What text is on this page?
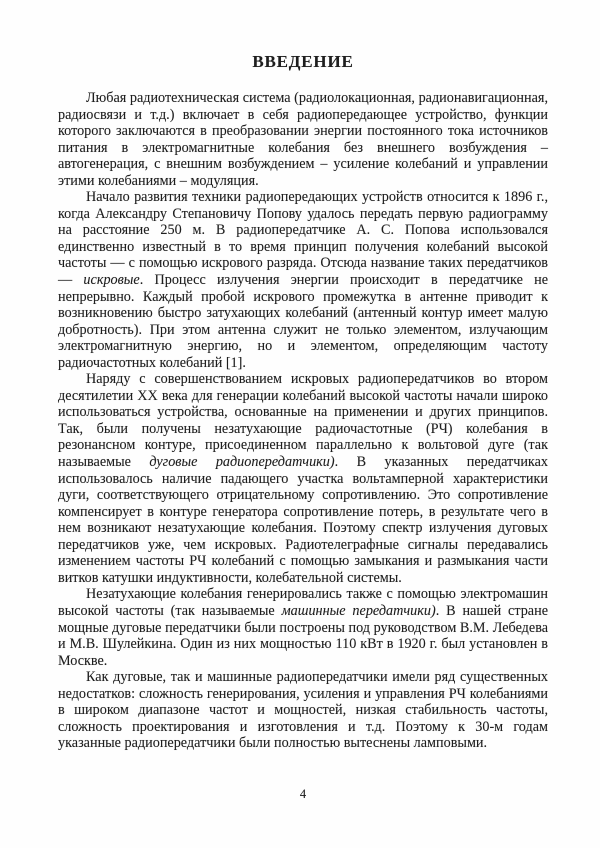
ВВЕДЕНИЕ

Любая радиотехническая система (радиолокационная, радионавигационная, радиосвязи и т.д.) включает в себя радиопередающее устройство, функции которого заключаются в преобразовании энергии постоянного тока источников питания в электромагнитные колебания без внешнего возбуждения – автогенерация, с внешним возбуждением – усиление колебаний и управлении этими колебаниями – модуляция.

Начало развития техники радиопередающих устройств относится к 1896 г., когда Александру Степановичу Попову удалось передать первую радиограмму на расстояние 250 м. В радиопередатчике А. С. Попова использовался единственно известный в то время принцип получения колебаний высокой частоты — с помощью искрового разряда. Отсюда название таких передатчиков — искровые. Процесс излучения энергии происходит в передатчике не непрерывно. Каждый пробой искрового промежутка в антенне приводит к возникновению быстро затухающих колебаний (антенный контур имеет малую добротность). При этом антенна служит не только элементом, излучающим электромагнитную энергию, но и элементом, определяющим частоту радиочастотных колебаний [1].

Наряду с совершенствованием искровых радиопередатчиков во втором десятилетии XX века для генерации колебаний высокой частоты начали широко использоваться устройства, основанные на применении и других принципов. Так, были получены незатухающие радиочастотные (РЧ) колебания в резонансном контуре, присоединенном параллельно к вольтовой дуге (так называемые дуговые радиопередатчики). В указанных передатчиках использовалось наличие падающего участка вольтамперной характеристики дуги, соответствующего отрицательному сопротивлению. Это сопротивление компенсирует в контуре генератора сопротивление потерь, в результате чего в нем возникают незатухающие колебания. Поэтому спектр излучения дуговых передатчиков уже, чем искровых. Радиотелеграфные сигналы передавались изменением частоты РЧ колебаний с помощью замыкания и размыкания части витков катушки индуктивности, колебательной системы.

Незатухающие колебания генерировались также с помощью электромашин высокой частоты (так называемые машинные передатчики). В нашей стране мощные дуговые передатчики были построены под руководством В.М. Лебедева и М.В. Шулейкина. Один из них мощностью 110 кВт в 1920 г. был установлен в Москве.

Как дуговые, так и машинные радиопередатчики имели ряд существенных недостатков: сложность генерирования, усиления и управления РЧ колебаниями в широком диапазоне частот и мощностей, низкая стабильность частоты, сложность проектирования и изготовления и т.д. Поэтому к 30-м годам указанные радиопередатчики были полностью вытеснены ламповыми.

4
